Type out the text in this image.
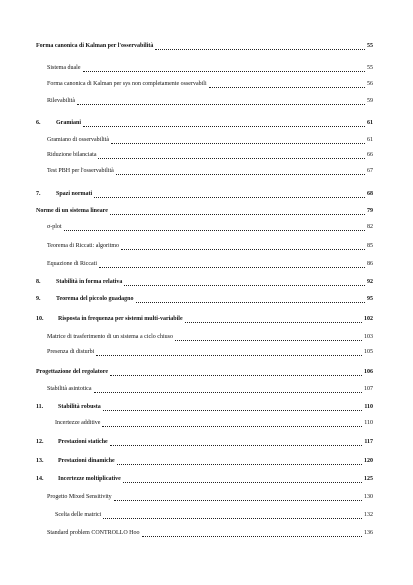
Forma canonica di Kalman per l'osservabilità	55
Sistema duale	55
Forma canonica di Kalman per sys non completamente osservabili	56
Rilevabilità	59
6.	Gramiani	61
Gramiano di osservabilità	61
Riduzione bilanciata	66
Test PBH per l'osservabilità	67
7.	Spazi normati	68
Norme di un sistema lineare	79
σ-plot	82
Teorema di Riccati: algoritmo	85
Equazione di Riccati	86
8.	Stabilità in forma relativa	92
9.	Teorema del piccolo guadagno	95
10.	Risposta in frequenza per sistemi multi-variabile	102
Matrice di trasferimento di un sistema a ciclo chiuso	103
Presenza di disturbi	105
Progettazione del regolatore	106
Stabilità asintotica	107
11.	Stabilità robusta	110
Incertezze additive	110
12.	Prestazioni statiche	117
13.	Prestazioni dinamiche	120
14.	Incertezze moltiplicative	125
Progetto Mixed Sensitivity	130
Scelta delle matrici	132
Standard problem CONTROLLO Hoo	136
